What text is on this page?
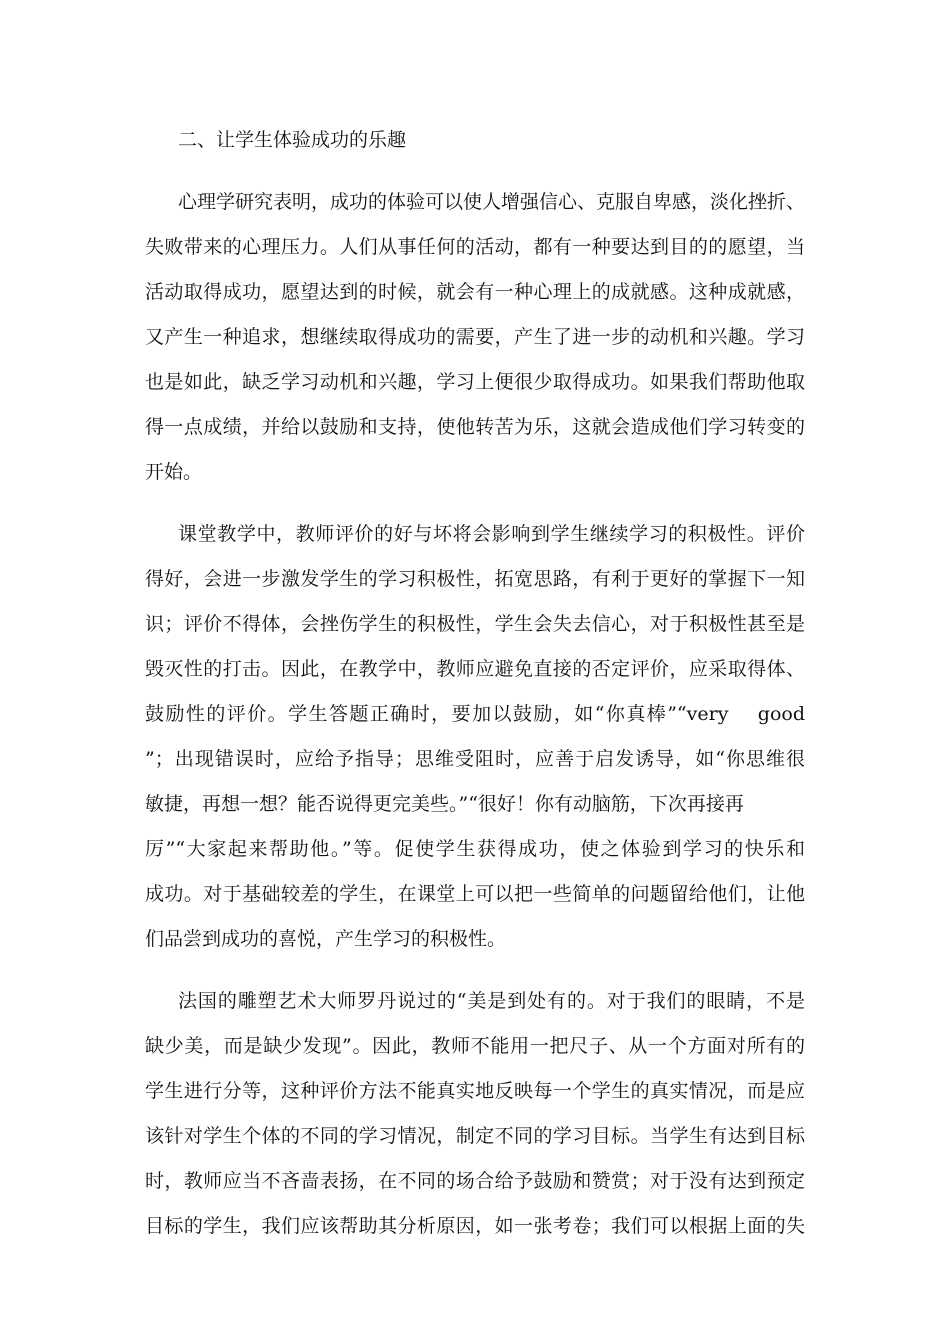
二、让学生体验成功的乐趣
心理学研究表明，成功的体验可以使人增强信心、克服自卑感，淡化挫折、
失败带来的心理压力。人们从事任何的活动，都有一种要达到目的的愿望，当
活动取得成功，愿望达到的时候，就会有一种心理上的成就感。这种成就感，
又产生一种追求，想继续取得成功的需要，产生了进一步的动机和兴趣。学习
也是如此，缺乏学习动机和兴趣，学习上便很少取得成功。如果我们帮助他取
得一点成绩，并给以鼓励和支持，使他转苦为乐，这就会造成他们学习转变的
开始。
课堂教学中，教师评价的好与坏将会影响到学生继续学习的积极性。评价
得好，会进一步激发学生的学习积极性，拓宽思路，有利于更好的掌握下一知
识；评价不得体，会挫伤学生的积极性，学生会失去信心，对于积极性甚至是
毁灭性的打击。因此，在教学中，教师应避免直接的否定评价，应采取得体、
鼓励性的评价。学生答题正确时，要加以鼓励，如“你真棒”“very　 good
”；出现错误时，应给予指导；思维受阻时，应善于启发诱导，如“你思维很
敏捷，再想一想？能否说得更完美些。”“很好！你有动脑筋，下次再接再
厉”“大家起来帮助他。”等。促使学生获得成功，使之体验到学习的快乐和
成功。对于基础较差的学生，在课堂上可以把一些简单的问题留给他们，让他
们品尝到成功的喜悦，产生学习的积极性。
法国的雕塑艺术大师罗丹说过的“美是到处有的。对于我们的眼睛，不是
缺少美，而是缺少发现”。因此，教师不能用一把尺子、从一个方面对所有的
学生进行分等，这种评价方法不能真实地反映每一个学生的真实情况，而是应
该针对学生个体的不同的学习情况，制定不同的学习目标。当学生有达到目标
时，教师应当不吝啬表扬，在不同的场合给予鼓励和赞赏；对于没有达到预定
目标的学生，我们应该帮助其分析原因，如一张考卷；我们可以根据上面的失
